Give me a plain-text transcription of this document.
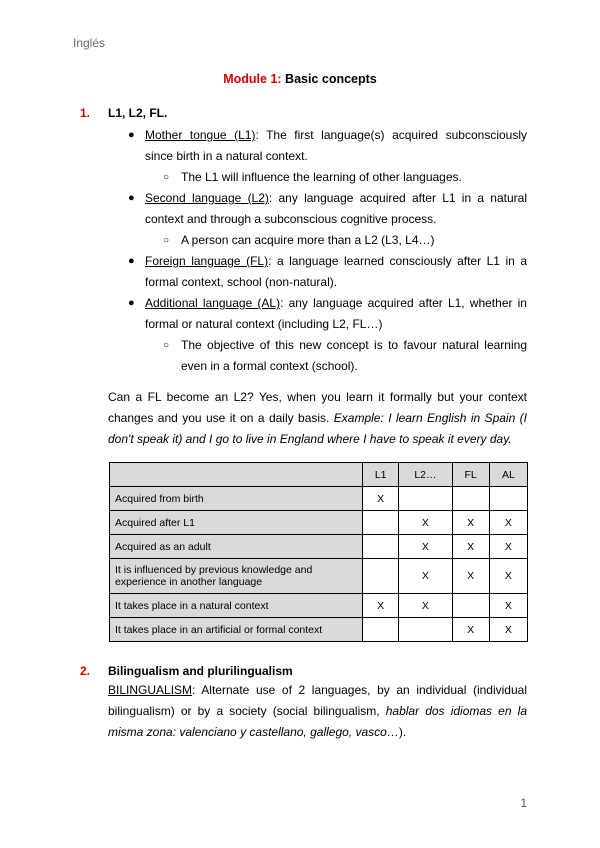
Inglés
Module 1: Basic concepts
1. L1, L2, FL.
● Mother tongue (L1): The first language(s) acquired subconsciously since birth in a natural context.
○ The L1 will influence the learning of other languages.
● Second language (L2): any language acquired after L1 in a natural context and through a subconscious cognitive process.
○ A person can acquire more than a L2 (L3, L4…)
● Foreign language (FL): a language learned consciously after L1 in a formal context, school (non-natural).
● Additional language (AL): any language acquired after L1, whether in formal or natural context (including L2, FL…)
○ The objective of this new concept is to favour natural learning even in a formal context (school).
Can a FL become an L2? Yes, when you learn it formally but your context changes and you use it on a daily basis. Example: I learn English in Spain (I don't speak it) and I go to live in England where I have to speak it every day.
	L1	L2…	FL	AL
Acquired from birth	X			
Acquired after L1		X	X	X
Acquired as an adult		X	X	X
It is influenced by previous knowledge and experience in another language		X	X	X
It takes place in a natural context	X	X		X
It takes place in an artificial or formal context			X	X
2. Bilingualism and plurilingualism
BILINGUALISM: Alternate use of 2 languages, by an individual (individual bilingualism) or by a society (social bilingualism, hablar dos idiomas en la misma zona: valenciano y castellano, gallego, vasco…).
1
